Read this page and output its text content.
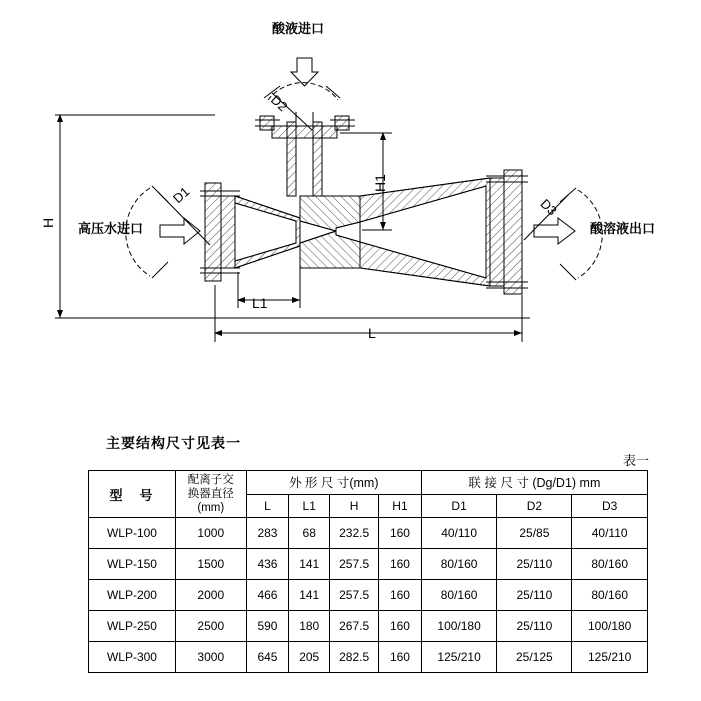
酸液进口
高压水进口	酸溶液出口
H
H1
L
L1
D1
D2
D3
主要结构尺寸见表一
表一
型　号	配离子交
换器直径
(mm)	外 形 尺 寸(mm)				联 接 尺 寸 (Dg/D1) mm		
		L	L1	H	H1	D1	D2	D3
WLP-100	1000	283	68	232.5	160	40/110	25/85	40/110
WLP-150	1500	436	141	257.5	160	80/160	25/110	80/160
WLP-200	2000	466	141	257.5	160	80/160	25/110	80/160
WLP-250	2500	590	180	267.5	160	100/180	25/110	100/180
WLP-300	3000	645	205	282.5	160	125/210	25/125	125/210
